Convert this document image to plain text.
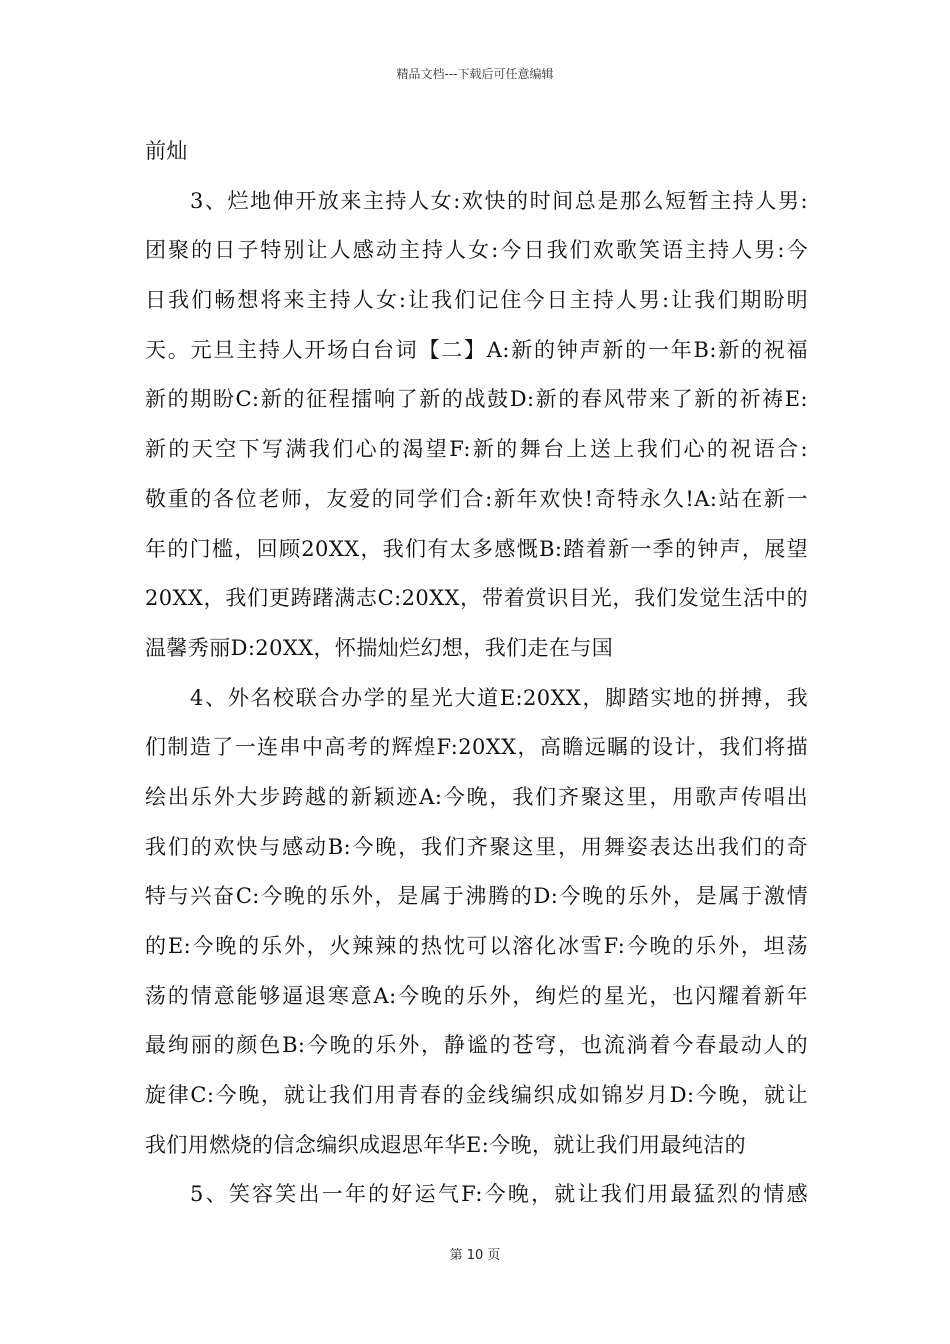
精品文档---下载后可任意编辑
前灿
3、烂地伸开放来主持人女:欢快的时间总是那么短暂主持人男:
团聚的日子特别让人感动主持人女:今日我们欢歌笑语主持人男:今
日我们畅想将来主持人女:让我们记住今日主持人男:让我们期盼明
天。元旦主持人开场白台词【二】A:新的钟声新的一年B:新的祝福
新的期盼C:新的征程擂响了新的战鼓D:新的春风带来了新的祈祷E:
新的天空下写满我们心的渴望F:新的舞台上送上我们心的祝语合:
敬重的各位老师，友爱的同学们合:新年欢快!奇特永久!A:站在新一
年的门槛，回顾20XX，我们有太多感慨B:踏着新一季的钟声，展望
20XX，我们更踌躇满志C:20XX，带着赏识目光，我们发觉生活中的
温馨秀丽D:20XX，怀揣灿烂幻想，我们走在与国
4、外名校联合办学的星光大道E:20XX，脚踏实地的拼搏，我
们制造了一连串中高考的辉煌F:20XX，高瞻远瞩的设计，我们将描
绘出乐外大步跨越的新颖迹A:今晚，我们齐聚这里，用歌声传唱出
我们的欢快与感动B:今晚，我们齐聚这里，用舞姿表达出我们的奇
特与兴奋C:今晚的乐外，是属于沸腾的D:今晚的乐外，是属于激情
的E:今晚的乐外，火辣辣的热忱可以溶化冰雪F:今晚的乐外，坦荡
荡的情意能够逼退寒意A:今晚的乐外，绚烂的星光，也闪耀着新年
最绚丽的颜色B:今晚的乐外，静谧的苍穹，也流淌着今春最动人的
旋律C:今晚，就让我们用青春的金线编织成如锦岁月D:今晚，就让
我们用燃烧的信念编织成遐思年华E:今晚，就让我们用最纯洁的
5、笑容笑出一年的好运气F:今晚，就让我们用最猛烈的情感
第 10 页
